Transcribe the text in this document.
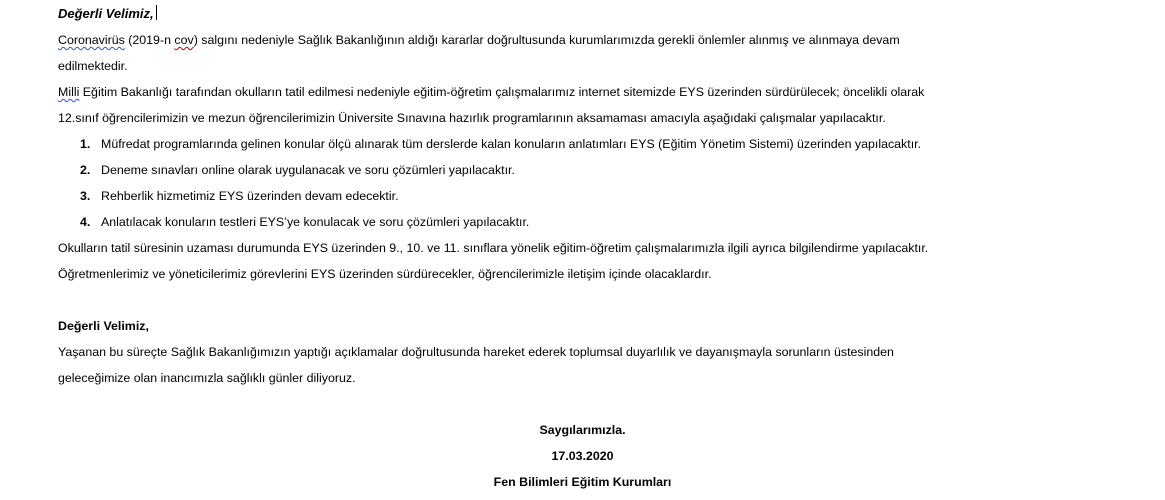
Değerli Velimiz,
Coronavirüs (2019-n cov) salgını nedeniyle Sağlık Bakanlığının aldığı kararlar doğrultusunda kurumlarımızda gerekli önlemler alınmış ve alınmaya devam
edilmektedir.
Milli Eğitim Bakanlığı tarafından okulların tatil edilmesi nedeniyle eğitim-öğretim çalışmalarımız internet sitemizde EYS üzerinden sürdürülecek; öncelikli olarak
12.sınıf öğrencilerimizin ve mezun öğrencilerimizin Üniversite Sınavına hazırlık programlarının aksamaması amacıyla aşağıdaki çalışmalar yapılacaktır.
1. Müfredat programlarında gelinen konular ölçü alınarak tüm derslerde kalan konuların anlatımları EYS (Eğitim Yönetim Sistemi) üzerinden yapılacaktır.
2. Deneme sınavları online olarak uygulanacak ve soru çözümleri yapılacaktır.
3. Rehberlik hizmetimiz EYS üzerinden devam edecektir.
4. Anlatılacak konuların testleri EYS’ye konulacak ve soru çözümleri yapılacaktır.
Okulların tatil süresinin uzaması durumunda EYS üzerinden 9., 10. ve 11. sınıflara yönelik eğitim-öğretim çalışmalarımızla ilgili ayrıca bilgilendirme yapılacaktır.
Öğretmenlerimiz ve yöneticilerimiz görevlerini EYS üzerinden sürdürecekler, öğrencilerimizle iletişim içinde olacaklardır.
Değerli Velimiz,
Yaşanan bu süreçte Sağlık Bakanlığımızın yaptığı açıklamalar doğrultusunda hareket ederek toplumsal duyarlılık ve dayanışmayla sorunların üstesinden
geleceğimize olan inancımızla sağlıklı günler diliyoruz.
Saygılarımızla.
17.03.2020
Fen Bilimleri Eğitim Kurumları
